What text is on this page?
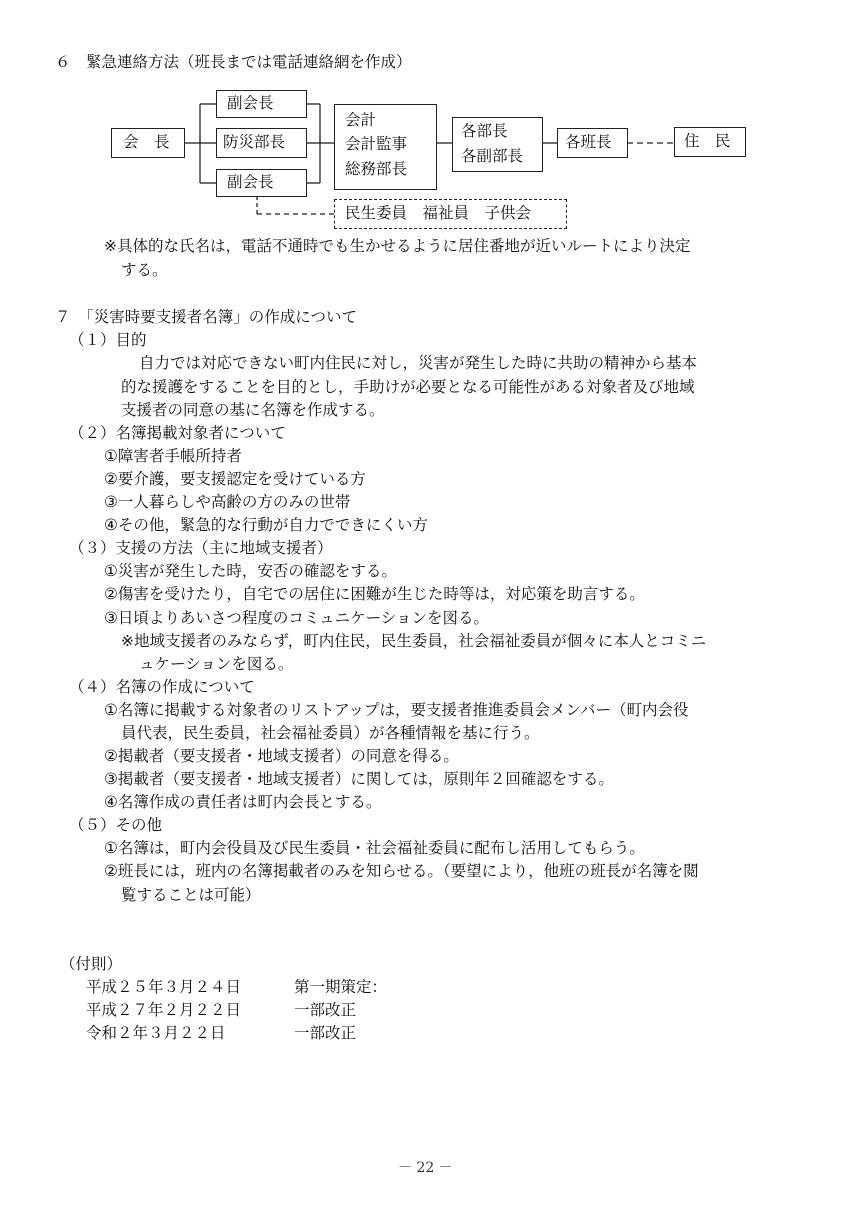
６　緊急連絡方法（班長までは電話連絡網を作成）
会　長
副会長
防災部長
副会長
会計
会計監事
総務部長
各部長
各副部長
各班長	住　民
民生委員　福祉員　子供会
※具体的な氏名は，電話不通時でも生かせるように居住番地が近いルートにより決定
する。
７　「災害時要支援者名簿」の作成について
（１）目的
自力では対応できない町内住民に対し，災害が発生した時に共助の精神から基本
的な援護をすることを目的とし，手助けが必要となる可能性がある対象者及び地域
支援者の同意の基に名簿を作成する。
（２）名簿掲載対象者について
①障害者手帳所持者
②要介護，要支援認定を受けている方
③一人暮らしや高齢の方のみの世帯
④その他，緊急的な行動が自力でできにくい方
（３）支援の方法（主に地域支援者）
①災害が発生した時，安否の確認をする。
②傷害を受けたり，自宅での居住に困難が生じた時等は，対応策を助言する。
③日頃よりあいさつ程度のコミュニケーションを図る。
※地域支援者のみならず，町内住民，民生委員，社会福祉委員が個々に本人とコミニ
ュケーションを図る。
（４）名簿の作成について
①名簿に掲載する対象者のリストアップは，要支援者推進委員会メンバー（町内会役
員代表，民生委員，社会福祉委員）が各種情報を基に行う。
②掲載者（要支援者・地域支援者）の同意を得る。
③掲載者（要支援者・地域支援者）に関しては，原則年２回確認をする。
④名簿作成の責任者は町内会長とする。
（５）その他
①名簿は，町内会役員及び民生委員・社会福祉委員に配布し活用してもらう。
②班長には，班内の名簿掲載者のみを知らせる。（要望により，他班の班長が名簿を閲
覧することは可能）
（付則）
平成２５年３月２４日	第一期策定：
平成２７年２月２２日	一部改正
令和２年３月２２日	一部改正
－ 22 －
